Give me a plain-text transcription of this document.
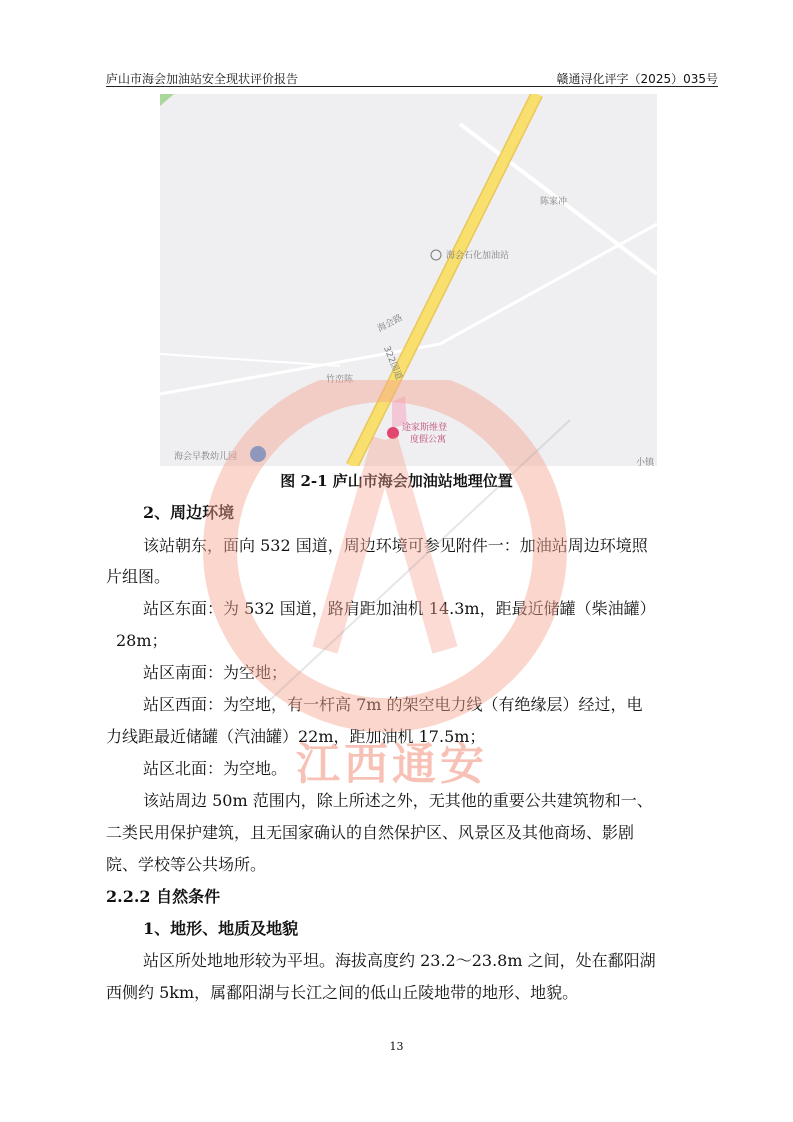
庐山市海会加油站安全现状评价报告	赣通浔化评字（2025）035号
陈家冲
海会石化加油站
海会路
322国道
竹峦陈
途家斯维登
度假公寓
海会早教幼儿园
小镇
图 2-1 庐山市海会加油站地理位置
2、周边环境
该站朝东，面向 532 国道，周边环境可参见附件一：加油站周边环境照
片组图。
站区东面：为 532 国道，路肩距加油机 14.3m，距最近储罐（柴油罐）
28m；
站区南面：为空地；
站区西面：为空地，有一杆高 7m 的架空电力线（有绝缘层）经过，电
力线距最近储罐（汽油罐）22m，距加油机 17.5m；
站区北面：为空地。
该站周边 50m 范围内，除上所述之外，无其他的重要公共建筑物和一、
二类民用保护建筑，且无国家确认的自然保护区、风景区及其他商场、影剧
院、学校等公共场所。
2.2.2 自然条件
1、地形、地质及地貌
站区所处地地形较为平坦。海拔高度约 23.2～23.8m 之间，处在鄱阳湖
西侧约 5km，属鄱阳湖与长江之间的低山丘陵地带的地形、地貌。
13
江西通安
